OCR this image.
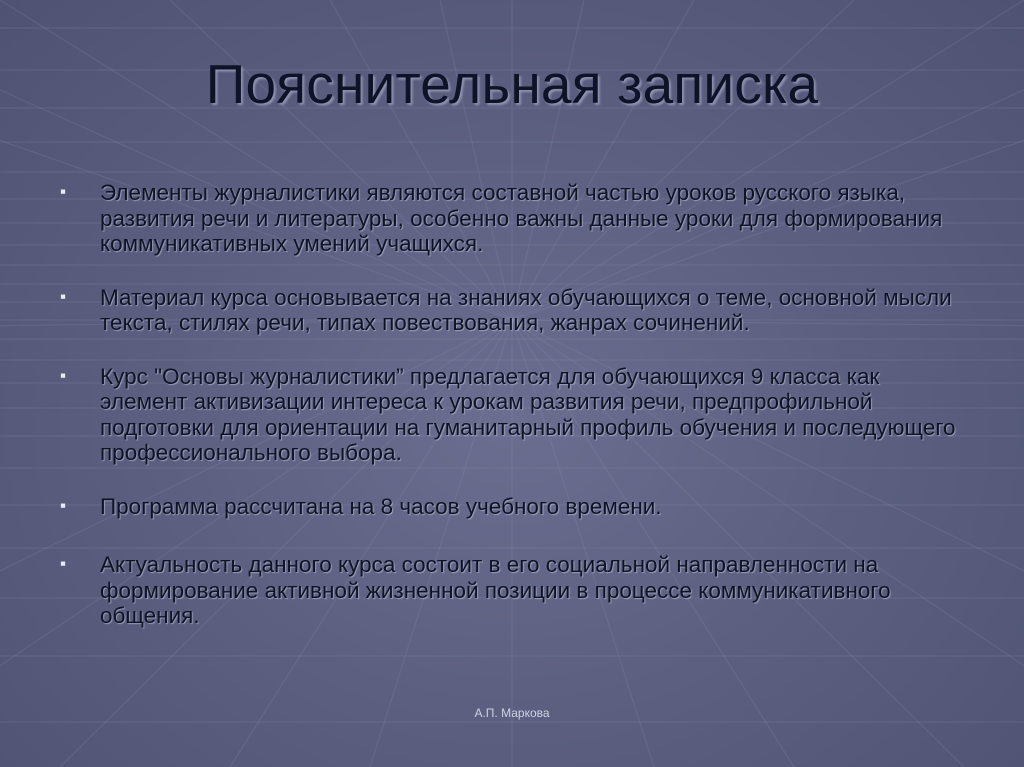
Пояснительная записка
▪ Элементы журналистики являются составной частью уроков русского языка, развития речи и литературы, особенно важны данные уроки для формирования коммуникативных умений учащихся.
▪ Материал курса основывается на знаниях обучающихся о теме, основной мысли текста, стилях речи, типах повествования, жанрах сочинений.
▪ Курс "Основы журналистики” предлагается для обучающихся 9 класса как элемент активизации интереса к урокам развития речи, предпрофильной подготовки для ориентации на гуманитарный профиль обучения и последующего профессионального выбора.
▪ Программа рассчитана на 8 часов учебного времени.
▪ Актуальность данного курса состоит в его социальной направленности на формирование активной жизненной позиции в процессе коммуникативного общения.
А.П. Маркова
